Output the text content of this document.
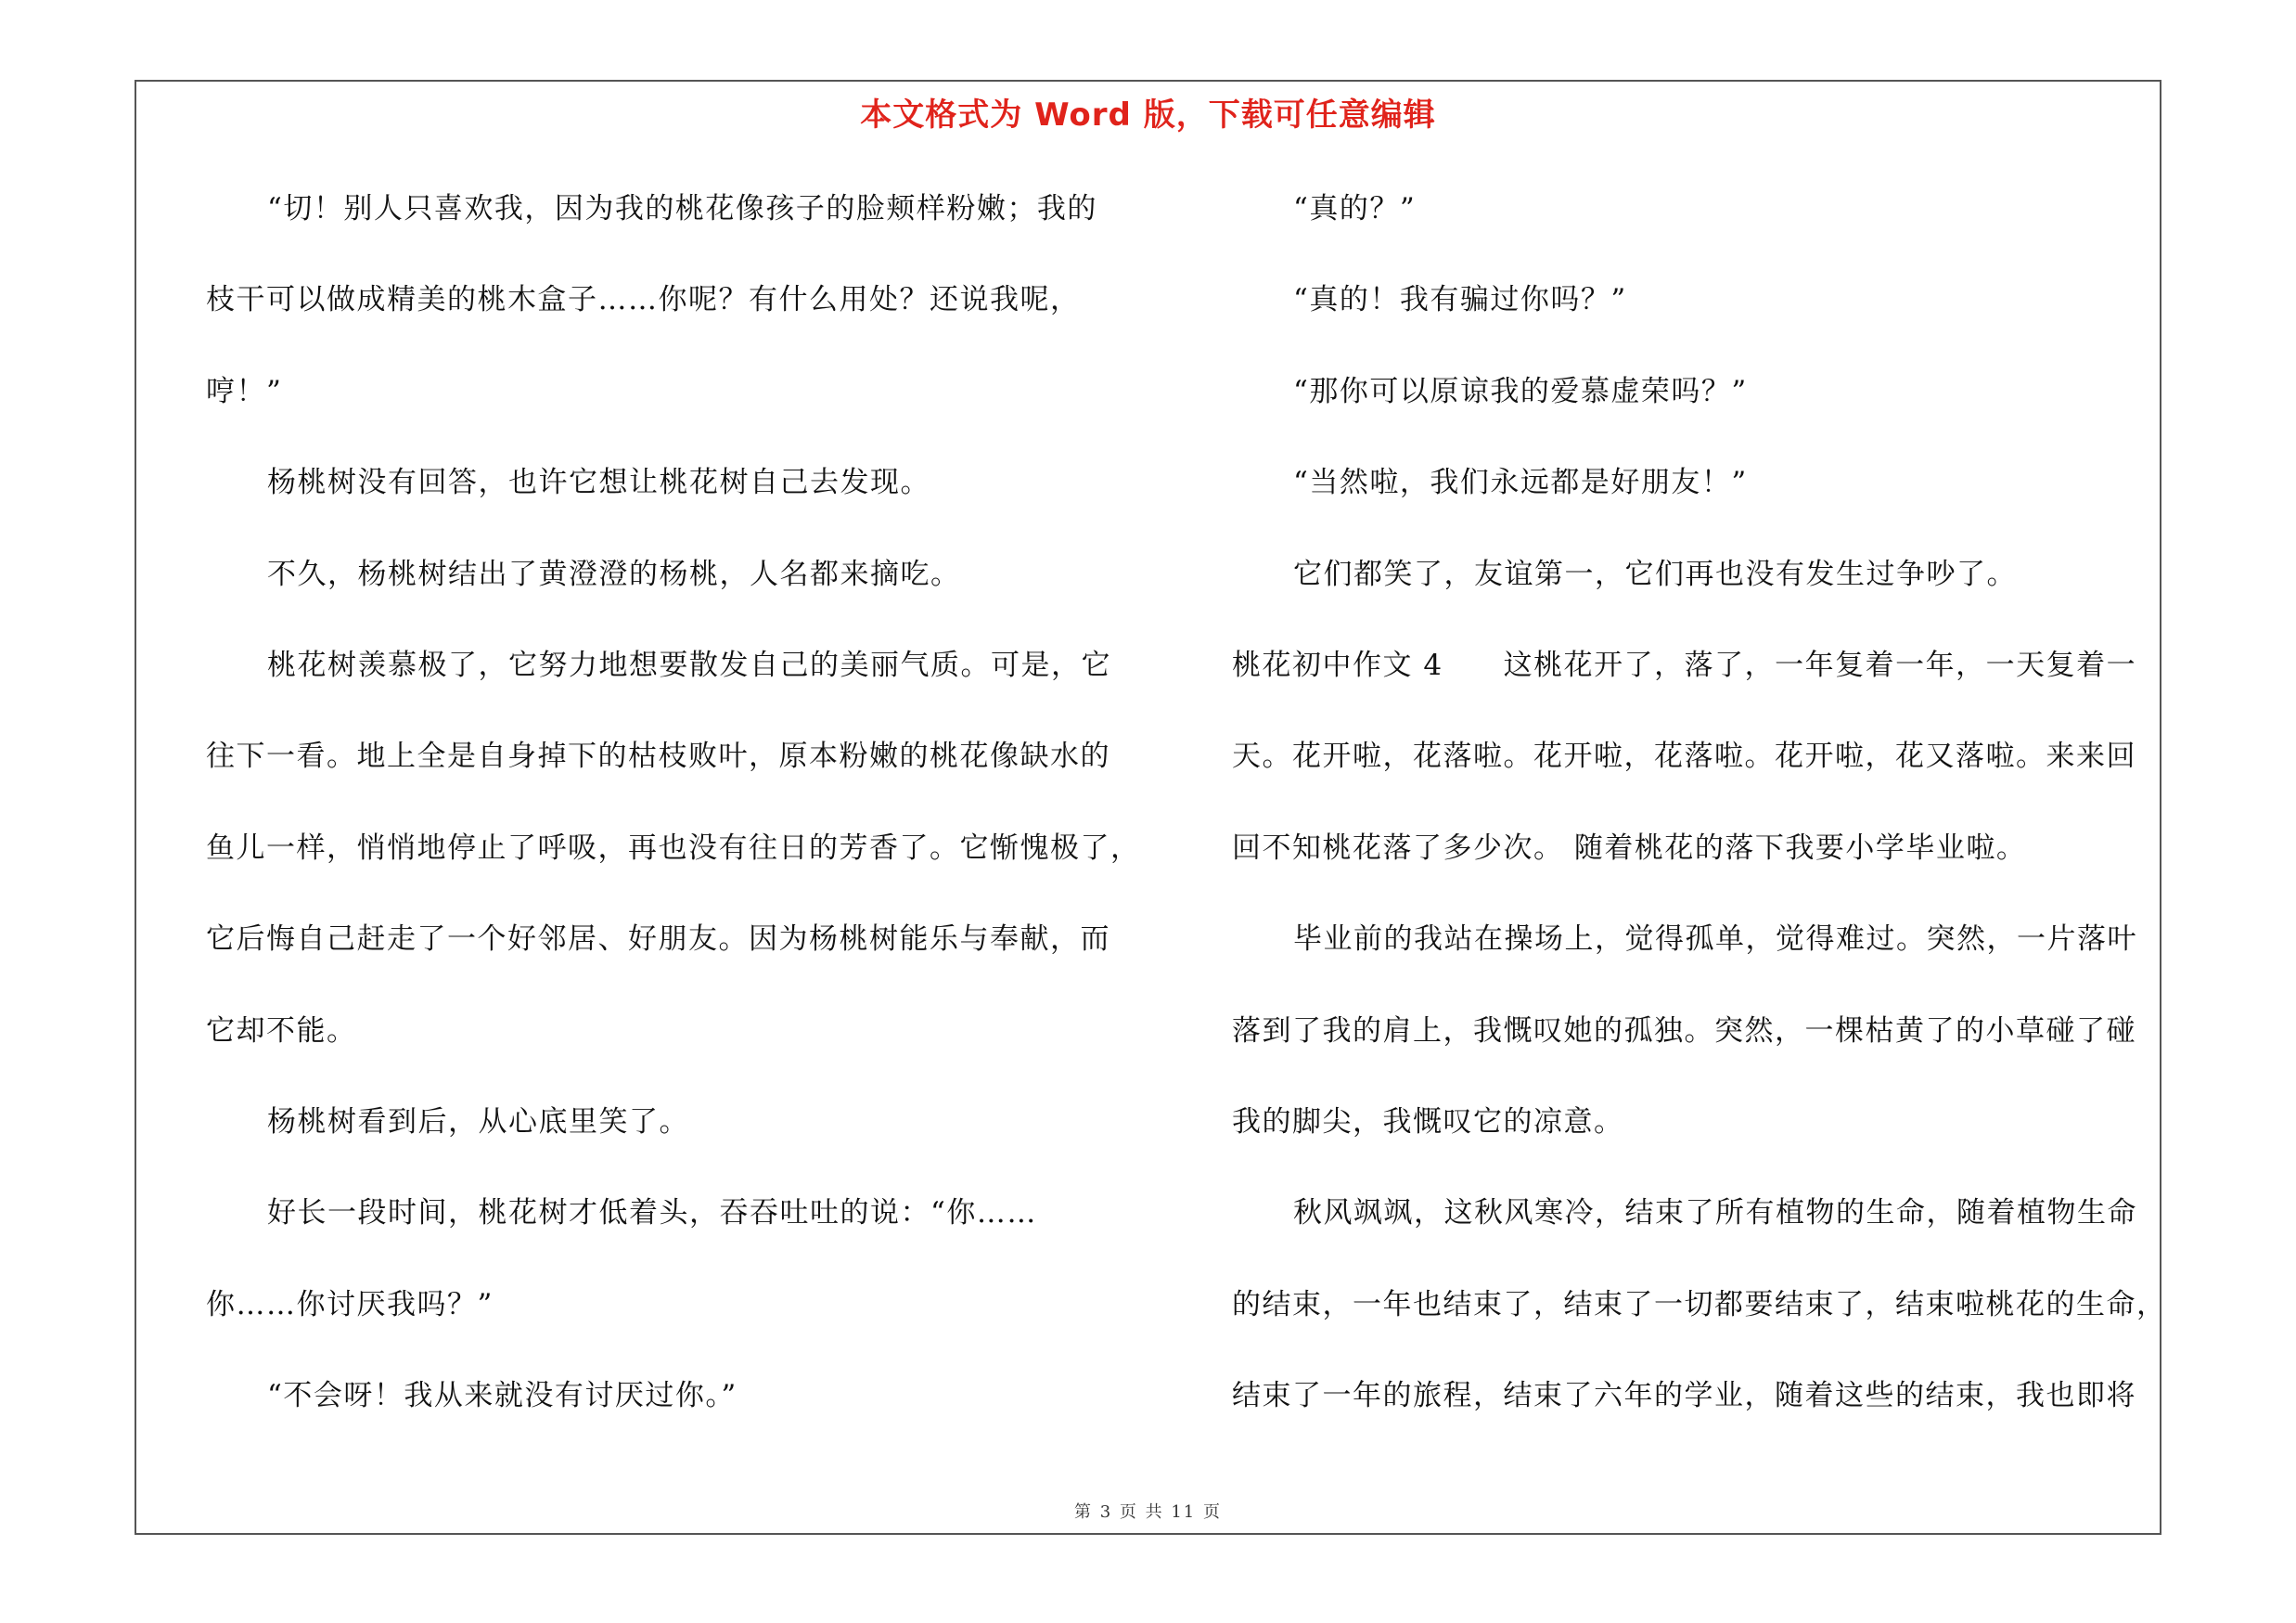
本文格式为 Word 版，下载可任意编辑
“切！别人只喜欢我，因为我的桃花像孩子的脸颊样粉嫩；我的
枝干可以做成精美的桃木盒子……你呢？有什么用处？还说我呢，
哼！”
杨桃树没有回答，也许它想让桃花树自己去发现。
不久，杨桃树结出了黄澄澄的杨桃，人名都来摘吃。
桃花树羡慕极了，它努力地想要散发自己的美丽气质。可是，它
往下一看。地上全是自身掉下的枯枝败叶，原本粉嫩的桃花像缺水的
鱼儿一样，悄悄地停止了呼吸，再也没有往日的芳香了。它惭愧极了，
它后悔自己赶走了一个好邻居、好朋友。因为杨桃树能乐与奉献，而
它却不能。
杨桃树看到后，从心底里笑了。
好长一段时间，桃花树才低着头，吞吞吐吐的说：“你……
你……你讨厌我吗？”
“不会呀！我从来就没有讨厌过你。”
“真的？”
“真的！我有骗过你吗？”
“那你可以原谅我的爱慕虚荣吗？”
“当然啦，我们永远都是好朋友！”
它们都笑了，友谊第一，它们再也没有发生过争吵了。
桃花初中作文 4　　这桃花开了，落了，一年复着一年，一天复着一
天。花开啦，花落啦。花开啦，花落啦。花开啦，花又落啦。来来回
回不知桃花落了多少次。 随着桃花的落下我要小学毕业啦。
毕业前的我站在操场上，觉得孤单，觉得难过。突然，一片落叶
落到了我的肩上，我慨叹她的孤独。突然，一棵枯黄了的小草碰了碰
我的脚尖，我慨叹它的凉意。
秋风飒飒，这秋风寒冷，结束了所有植物的生命，随着植物生命
的结束，一年也结束了，结束了一切都要结束了，结束啦桃花的生命，
结束了一年的旅程，结束了六年的学业，随着这些的结束，我也即将
第 3 页 共 11 页
